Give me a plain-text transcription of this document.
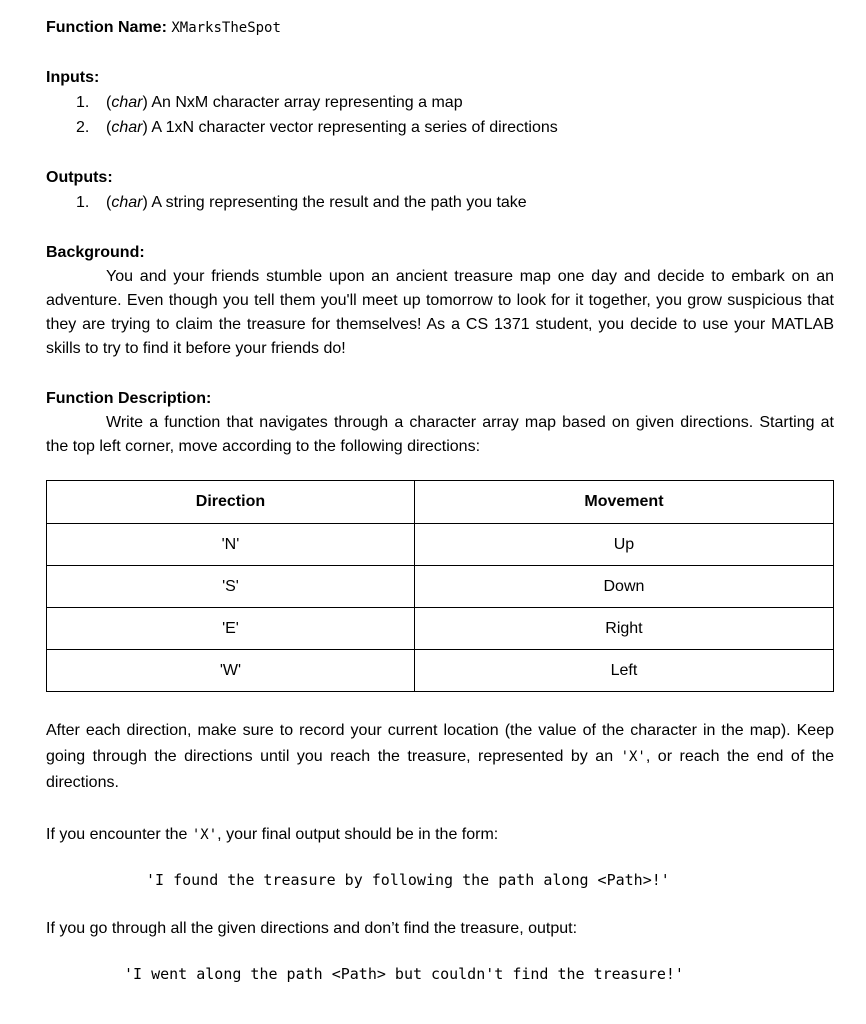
Function Name: XMarksTheSpot

Inputs:
1. (char) An NxM character array representing a map
2. (char) A 1xN character vector representing a series of directions
Outputs:
1. (char) A string representing the result and the path you take
Background:

You and your friends stumble upon an ancient treasure map one day and decide to embark on an adventure. Even though you tell them you'll meet up tomorrow to look for it together, you grow suspicious that they are trying to claim the treasure for themselves! As a CS 1371 student, you decide to use your MATLAB skills to try to find it before your friends do!

Function Description:

Write a function that navigates through a character array map based on given directions. Starting at the top left corner, move according to the following directions:

Direction	Movement
'N'	Up
'S'	Down
'E'	Right
'W'	Left

After each direction, make sure to record your current location (the value of the character in the map). Keep going through the directions until you reach the treasure, represented by an 'X', or reach the end of the directions.

If you encounter the 'X', your final output should be in the form:

'I found the treasure by following the path along <Path>!'

If you go through all the given directions and don’t find the treasure, output:

'I went along the path <Path> but couldn't find the treasure!'
